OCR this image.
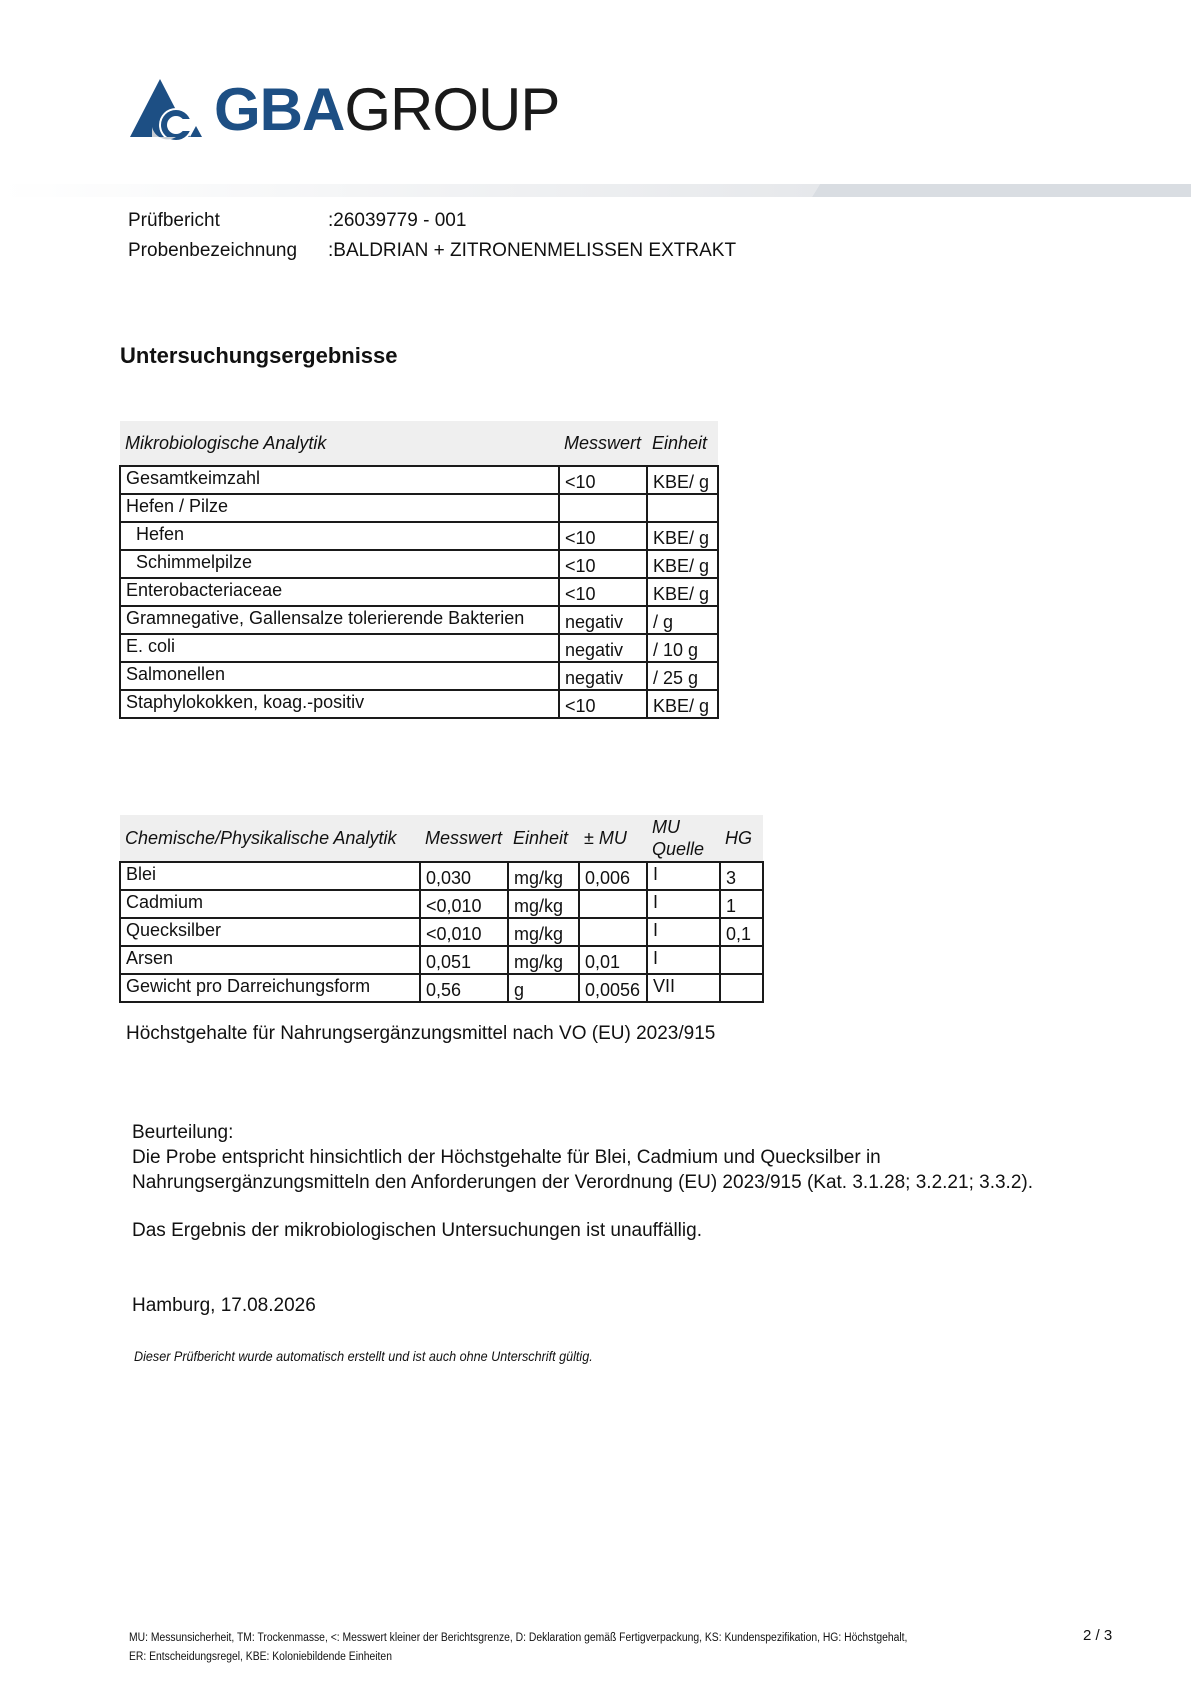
GBAGROUP
Prüfbericht	:26039779 - 001
Probenbezeichnung :BALDRIAN + ZITRONENMELISSEN EXTRAKT
Untersuchungsergebnisse
Mikrobiologische Analytik	Messwert	Einheit
Gesamtkeimzahl	<10	KBE/ g
Hefen / Pilze		
Hefen	<10	KBE/ g
Schimmelpilze	<10	KBE/ g
Enterobacteriaceae	<10	KBE/ g
Gramnegative, Gallensalze tolerierende Bakterien	negativ	/ g
E. coli	negativ	/ 10 g
Salmonellen	negativ	/ 25 g
Staphylokokken, koag.-positiv	<10	KBE/ g
Chemische/Physikalische Analytik	Messwert	Einheit	± MU	MU Quelle	HG
Blei	0,030	mg/kg	0,006	I	3
Cadmium	<0,010	mg/kg		I	1
Quecksilber	<0,010	mg/kg		I	0,1
Arsen	0,051	mg/kg	0,01	I	
Gewicht pro Darreichungsform	0,56	g	0,0056	VII	
Höchstgehalte für Nahrungsergänzungsmittel nach VO (EU) 2023/915
Beurteilung:
Die Probe entspricht hinsichtlich der Höchstgehalte für Blei, Cadmium und Quecksilber in
Nahrungsergänzungsmitteln den Anforderungen der Verordnung (EU) 2023/915 (Kat. 3.1.28; 3.2.21; 3.3.2).
Das Ergebnis der mikrobiologischen Untersuchungen ist unauffällig.
Hamburg, 17.08.2026
Dieser Prüfbericht wurde automatisch erstellt und ist auch ohne Unterschrift gültig.
MU: Messunsicherheit, TM: Trockenmasse, <: Messwert kleiner der Berichtsgrenze, D: Deklaration gemäß Fertigverpackung, KS: Kundenspezifikation, HG: Höchstgehalt,
ER: Entscheidungsregel, KBE: Koloniebildende Einheiten
2 / 3
